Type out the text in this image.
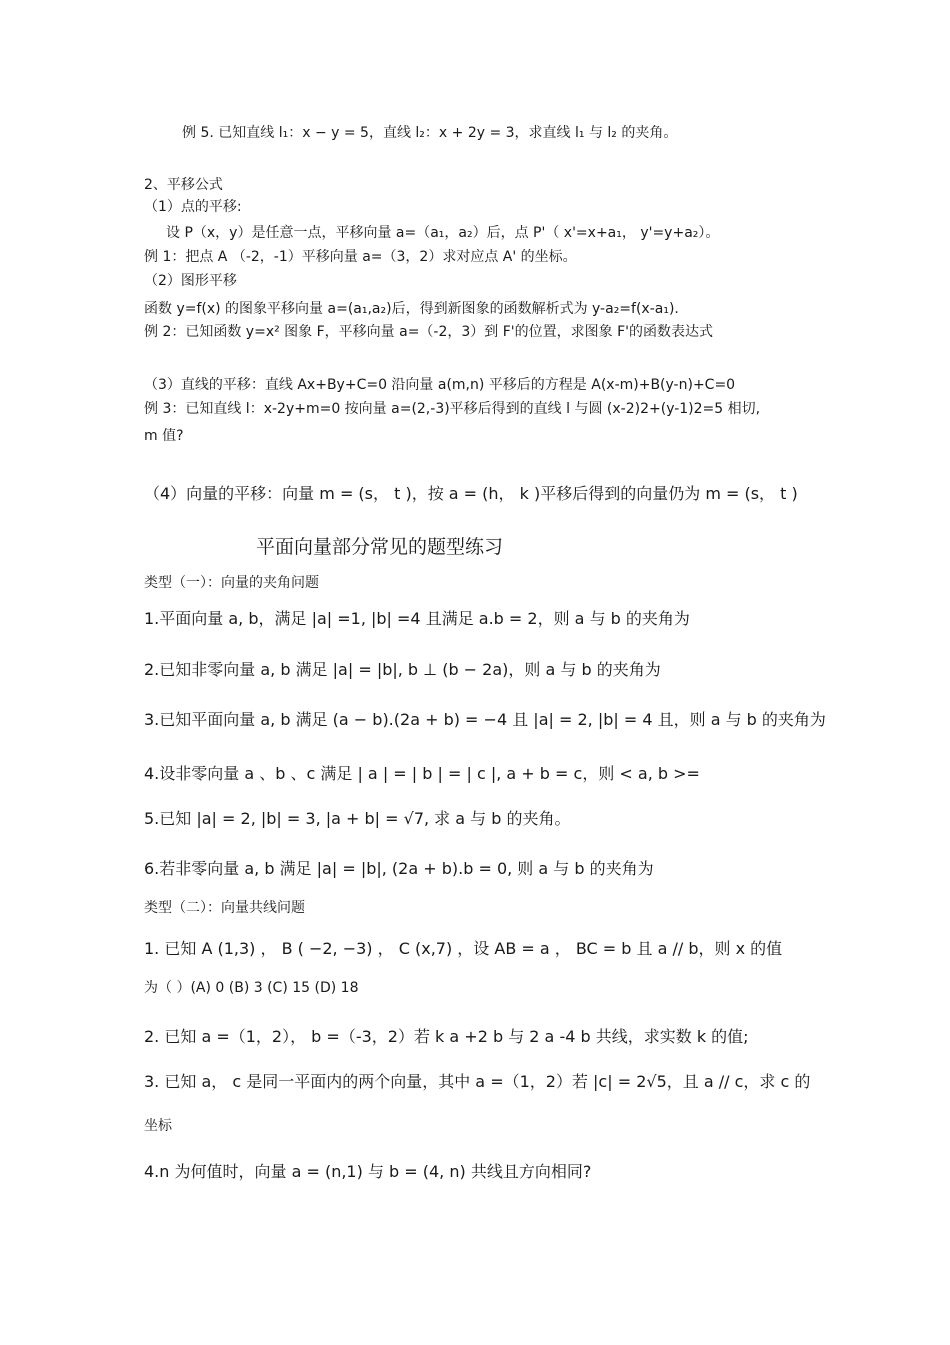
例 5. 已知直线 l₁：x − y = 5，直线 l₂：x + 2y = 3，求直线 l₁ 与 l₂ 的夹角。
2、平移公式
（1）点的平移:
设 P（x，y）是任意一点，平移向量 a=（a₁，a₂）后，点 P'（ x'=x+a₁， y'=y+a₂）。
例 1：把点 A （-2，-1）平移向量 a=（3，2）求对应点 A' 的坐标。
（2）图形平移
函数 y=f(x) 的图象平移向量 a=(a₁,a₂)后，得到新图象的函数解析式为 y-a₂=f(x-a₁).
例 2：已知函数 y=x² 图象 F，平移向量 a=（-2，3）到 F'的位置，求图象 F'的函数表达式
（3）直线的平移：直线 Ax+By+C=0 沿向量 a(m,n) 平移后的方程是 A(x-m)+B(y-n)+C=0
例 3：已知直线 l：x-2y+m=0 按向量 a=(2,-3)平移后得到的直线 l 与圆 (x-2)2+(y-1)2=5 相切,
m 值?
（4）向量的平移：向量 m = (s， t )，按 a = (h， k )平移后得到的向量仍为 m = (s， t )
平面向量部分常见的题型练习
类型（一）：向量的夹角问题
1.平面向量 a, b，满足 |a| =1, |b| =4 且满足 a.b = 2，则 a 与 b 的夹角为
2.已知非零向量 a, b 满足 |a| = |b|, b ⊥ (b − 2a)，则 a 与 b 的夹角为
3.已知平面向量 a, b 满足 (a − b).(2a + b) = −4 且 |a| = 2, |b| = 4 且，则 a 与 b 的夹角为
4.设非零向量 a 、b 、c 满足 | a | = | b | = | c |, a + b = c，则 < a, b >=
5.已知 |a| = 2, |b| = 3, |a + b| = √7, 求 a 与 b 的夹角。
6.若非零向量 a, b 满足 |a| = |b|, (2a + b).b = 0, 则 a 与 b 的夹角为
类型（二）：向量共线问题
1. 已知 A (1,3) ， B ( −2, −3) ， C (x,7) ，设 AB = a ， BC = b 且 a // b，则 x 的值
为（ ）(A) 0 (B) 3 (C) 15 (D) 18
2. 已知 a =（1，2）， b =（-3，2）若 k a +2 b 与 2 a -4 b 共线，求实数 k 的值;
3. 已知 a， c 是同一平面内的两个向量，其中 a =（1，2）若 |c| = 2√5，且 a // c，求 c 的
坐标
4.n 为何值时，向量 a = (n,1) 与 b = (4, n) 共线且方向相同?
